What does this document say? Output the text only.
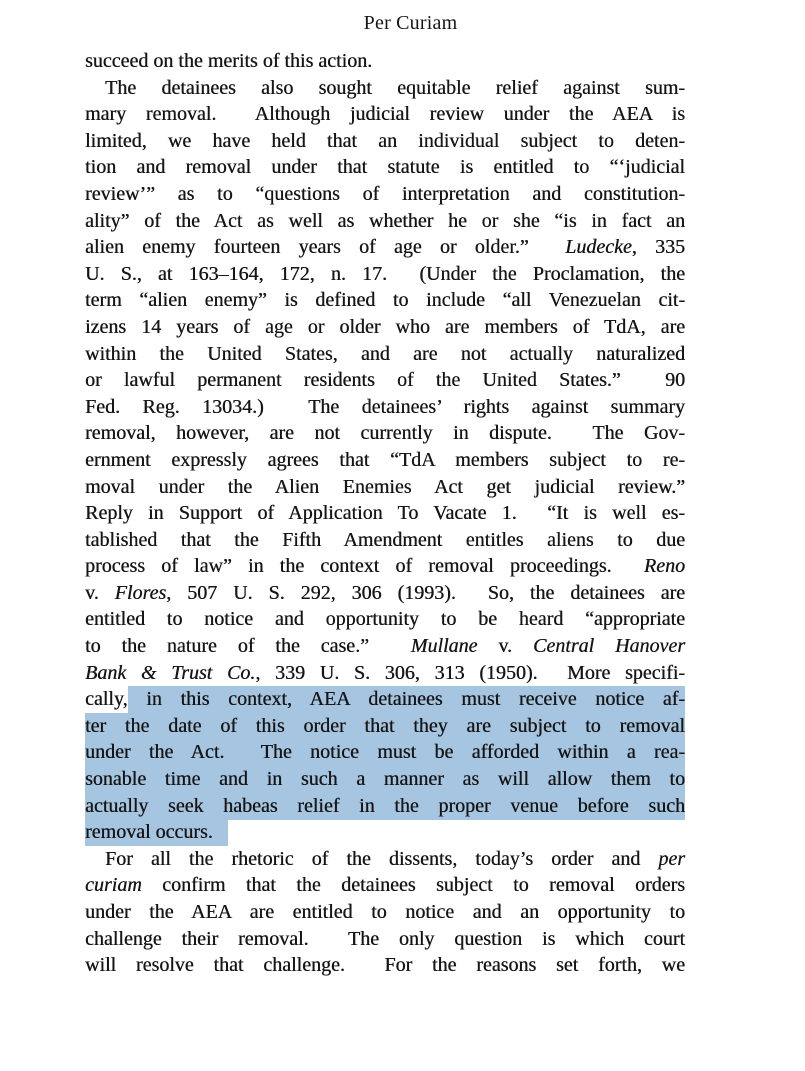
Per Curiam
succeed on the merits of this action.
The detainees also sought equitable relief against sum-
mary removal.  Although judicial review under the AEA is
limited, we have held that an individual subject to deten-
tion and removal under that statute is entitled to “‘judicial
review’” as to “questions of interpretation and constitution-
ality” of the Act as well as whether he or she “is in fact an
alien enemy fourteen years of age or older.”  Ludecke, 335
U. S., at 163–164, 172, n. 17.  (Under the Proclamation, the
term “alien enemy” is defined to include “all Venezuelan cit-
izens 14 years of age or older who are members of TdA, are
within the United States, and are not actually naturalized
or lawful permanent residents of the United States.”  90
Fed. Reg. 13034.)  The detainees’ rights against summary
removal, however, are not currently in dispute.  The Gov-
ernment expressly agrees that “TdA members subject to re-
moval under the Alien Enemies Act get judicial review.”
Reply in Support of Application To Vacate 1.  “It is well es-
tablished that the Fifth Amendment entitles aliens to due
process of law” in the context of removal proceedings.  Reno
v. Flores, 507 U. S. 292, 306 (1993).  So, the detainees are
entitled to notice and opportunity to be heard “appropriate
to the nature of the case.”  Mullane v. Central Hanover
Bank & Trust Co., 339 U. S. 306, 313 (1950).  More specifi-
cally, in this context, AEA detainees must receive notice af-
ter the date of this order that they are subject to removal
under the Act.  The notice must be afforded within a rea-
sonable time and in such a manner as will allow them to
actually seek habeas relief in the proper venue before such
removal occurs.
For all the rhetoric of the dissents, today’s order and per
curiam confirm that the detainees subject to removal orders
under the AEA are entitled to notice and an opportunity to
challenge their removal.  The only question is which court
will resolve that challenge.  For the reasons set forth, we
